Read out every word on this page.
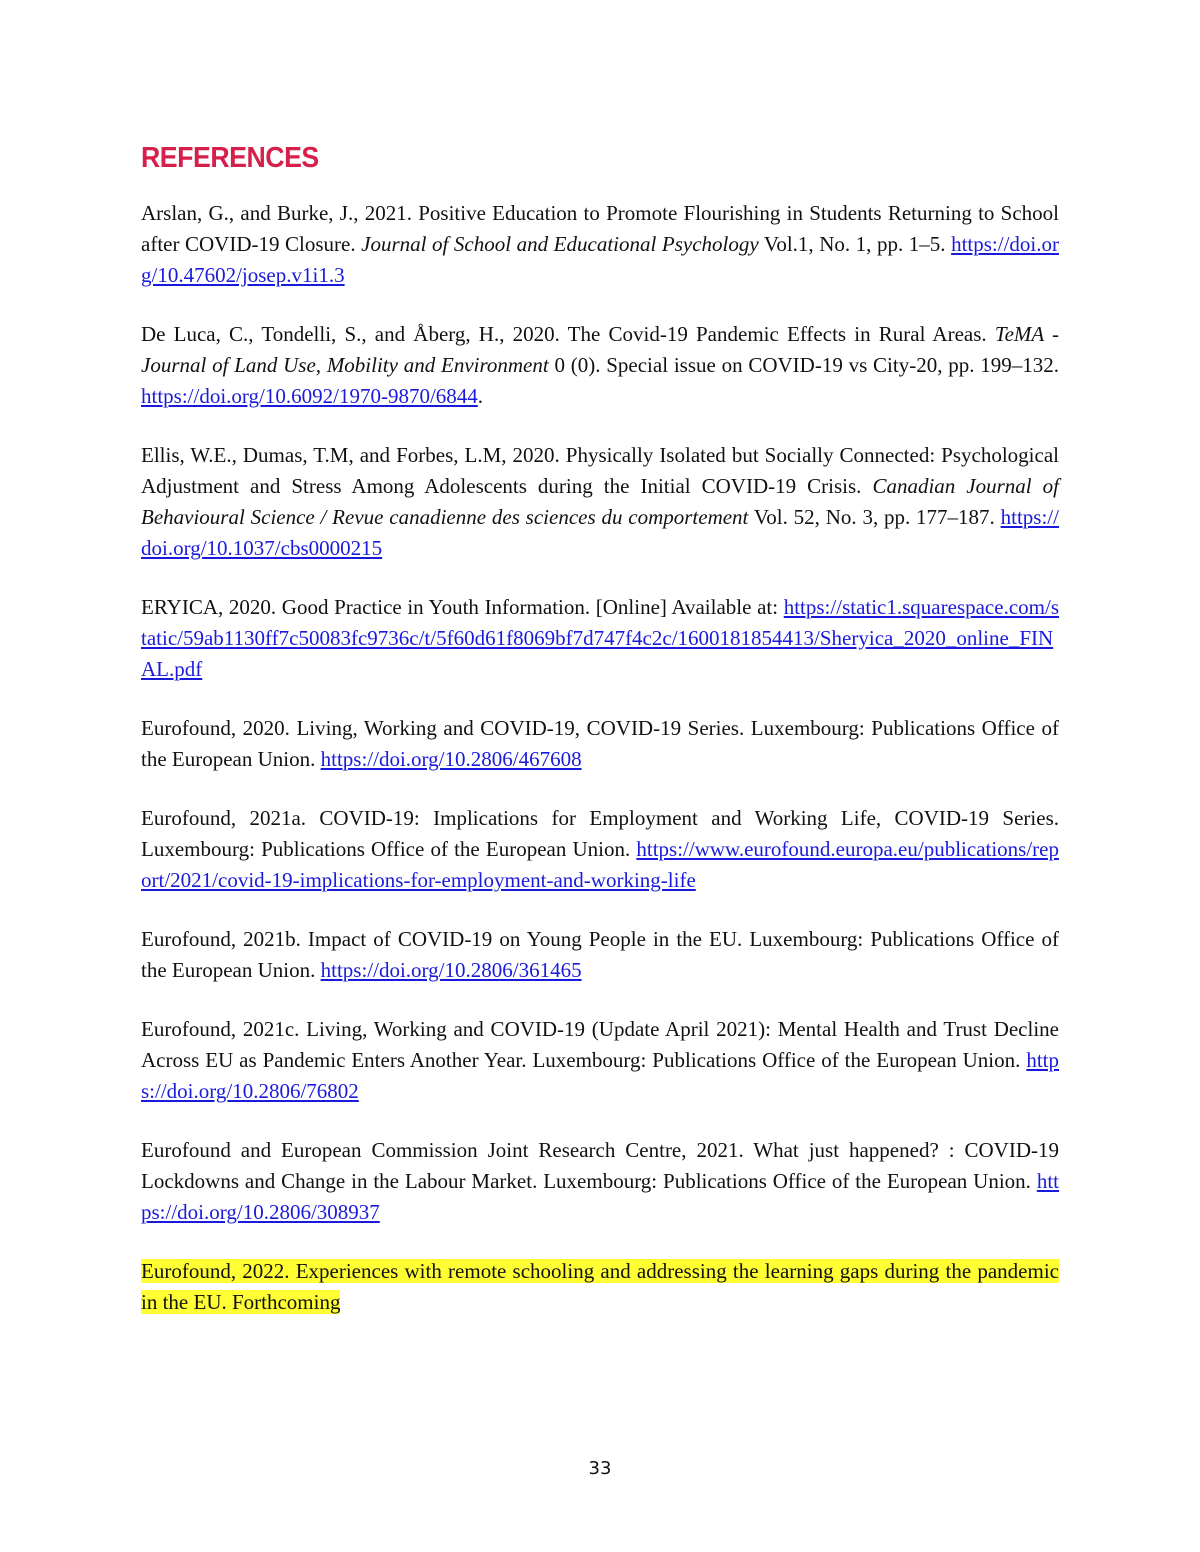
REFERENCES

Arslan, G., and Burke, J., 2021. Positive Education to Promote Flourishing in Students Returning to School after COVID-19 Closure. Journal of School and Educational Psychology Vol.1, No. 1, pp. 1–5. https://doi.org/10.47602/josep.v1i1.3

De Luca, C., Tondelli, S., and Åberg, H., 2020. The Covid-19 Pandemic Effects in Rural Areas. TeMA - Journal of Land Use, Mobility and Environment 0 (0). Special issue on COVID-19 vs City-20, pp. 199–132. https://doi.org/10.6092/1970-9870/6844.

Ellis, W.E., Dumas, T.M, and Forbes, L.M, 2020. Physically Isolated but Socially Connected: Psychological Adjustment and Stress Among Adolescents during the Initial COVID-19 Crisis. Canadian Journal of Behavioural Science / Revue canadienne des sciences du comportement Vol. 52, No. 3, pp. 177–187. https://doi.org/10.1037/cbs0000215

ERYICA, 2020. Good Practice in Youth Information. [Online] Available at: https://static1.squarespace.com/static/59ab1130ff7c50083fc9736c/t/5f60d61f8069bf7d747f4c2c/1600181854413/Sheryica_2020_online_FINAL.pdf

Eurofound, 2020. Living, Working and COVID-19, COVID-19 Series. Luxembourg: Publications Office of the European Union. https://doi.org/10.2806/467608

Eurofound, 2021a. COVID-19: Implications for Employment and Working Life, COVID-19 Series. Luxembourg: Publications Office of the European Union. https://www.eurofound.europa.eu/publications/report/2021/covid-19-implications-for-employment-and-working-life

Eurofound, 2021b. Impact of COVID-19 on Young People in the EU. Luxembourg: Publications Office of the European Union. https://doi.org/10.2806/361465

Eurofound, 2021c. Living, Working and COVID-19 (Update April 2021): Mental Health and Trust Decline Across EU as Pandemic Enters Another Year. Luxembourg: Publications Office of the European Union. https://doi.org/10.2806/76802

Eurofound and European Commission Joint Research Centre, 2021. What just happened? : COVID-19 Lockdowns and Change in the Labour Market. Luxembourg: Publications Office of the European Union. https://doi.org/10.2806/308937

Eurofound, 2022. Experiences with remote schooling and addressing the learning gaps during the pandemic in the EU. Forthcoming

33
